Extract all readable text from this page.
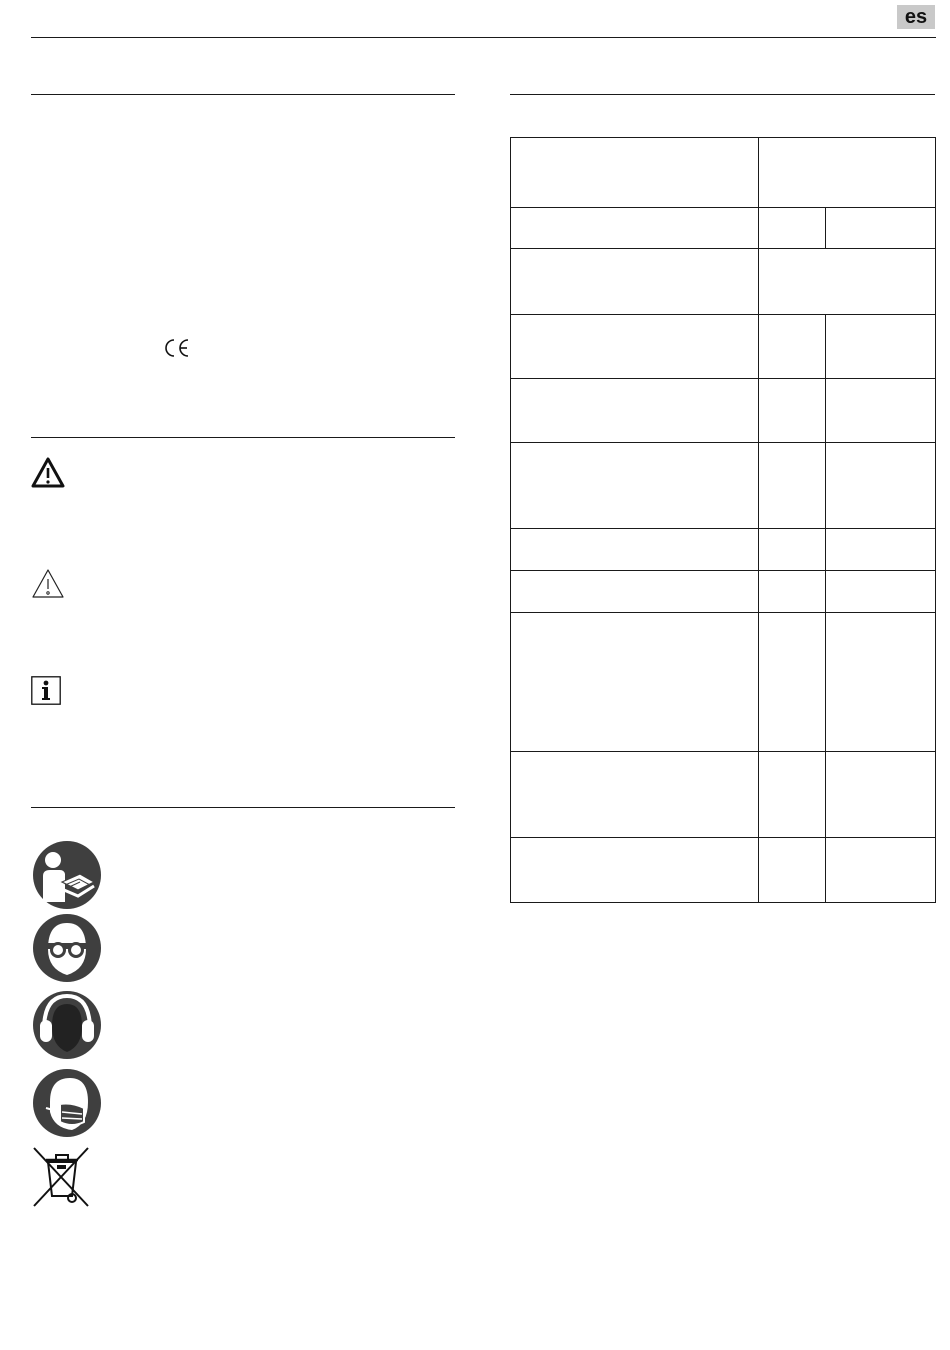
es
